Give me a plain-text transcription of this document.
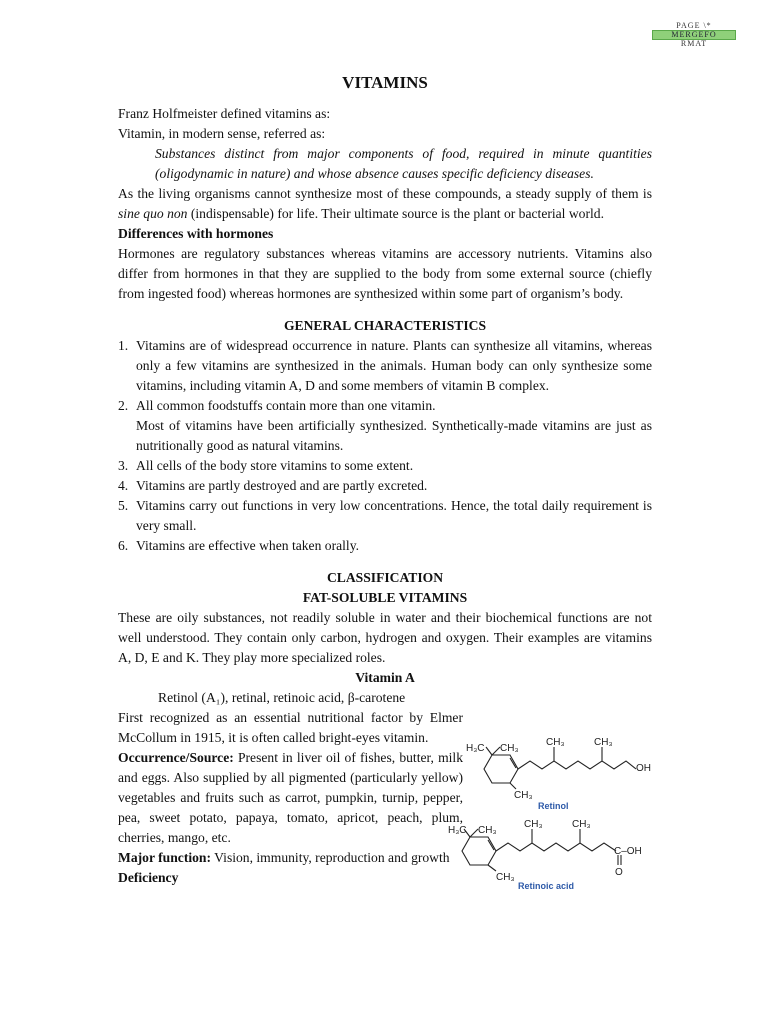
PAGE \*
MERGEFO
RMAT
VITAMINS

Franz Holfmeister defined vitamins as:

Vitamin, in modern sense, referred as:

Substances distinct from major components of food, required in minute quantities (oligodynamic in nature) and whose absence causes specific deficiency diseases.

As the living organisms cannot synthesize most of these compounds, a steady supply of them is sine quo non (indispensable) for life. Their ultimate source is the plant or bacterial world.

Differences with hormones

Hormones are regulatory substances whereas vitamins are accessory nutrients. Vitamins also differ from hormones in that they are supplied to the body from some external source (chiefly from ingested food) whereas hormones are synthesized within some part of organism’s body.

GENERAL CHARACTERISTICS

1. Vitamins are of widespread occurrence in nature. Plants can synthesize all vitamins, whereas only a few vitamins are synthesized in the animals. Human body can only synthesize some vitamins, including vitamin A, D and some members of vitamin B complex.
2. All common foodstuffs contain more than one vitamin.
Most of vitamins have been artificially synthesized. Synthetically-made vitamins are just as nutritionally good as natural vitamins.
3. All cells of the body store vitamins to some extent.
4. Vitamins are partly destroyed and are partly excreted.
5. Vitamins carry out functions in very low concentrations. Hence, the total daily requirement is very small.
6. Vitamins are effective when taken orally.

CLASSIFICATION

FAT-SOLUBLE VITAMINS

These are oily substances, not readily soluble in water and their biochemical functions are not well understood. They contain only carbon, hydrogen and oxygen. Their examples are vitamins A, D, E and K. They play more specialized roles.

Vitamin A

Retinol (A₁), retinal, retinoic acid, β-carotene

First recognized as an essential nutritional factor by Elmer McCollum in 1915, it is often called bright-eyes vitamin.

Occurrence/Source: Present in liver oil of fishes, butter, milk and eggs. Also supplied by all pigmented (particularly yellow) vegetables and fruits such as carrot, pumpkin, turnip, pepper, pea, sweet potato, papaya, tomato, apricot, peach, plum, cherries, mango, etc.

Major function: Vision, immunity, reproduction and growth

Deficiency

H₃C CH₃
CH₃	CH₃
CH₃
OH
Retinol
H₃C CH₃
CH₃	CH₃
CH₃
C–OH
O
Retinoic acid
